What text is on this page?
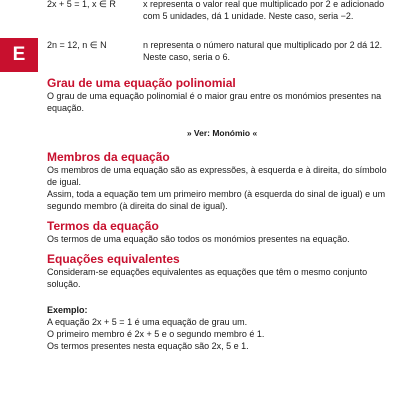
E
2x + 5 = 1, x ∈ R	x representa o valor real que multiplicado por 2 e adicionado com 5 unidades, dá 1 unidade. Neste caso, seria −2.
2n = 12, n ∈ N	n representa o número natural que multiplicado por 2 dá 12. Neste caso, seria o 6.
Grau de uma equação polinomial

O grau de uma equação polinomial é o maior grau entre os monómios presentes na equação.

» Ver: Monómio «
Membros da equação

Os membros de uma equação são as expressões, à esquerda e à direita, do símbolo de igual.

Assim, toda a equação tem um primeiro membro (à esquerda do sinal de igual) e um segundo membro (à direita do sinal de igual).

Termos da equação

Os termos de uma equação são todos os monómios presentes na equação.

Equações equivalentes

Consideram-se equações equivalentes as equações que têm o mesmo conjunto solução.

Exemplo:

A equação 2x + 5 = 1 é uma equação de grau um.

O primeiro membro é 2x + 5 e o segundo membro é 1.

Os termos presentes nesta equação são 2x, 5 e 1.
